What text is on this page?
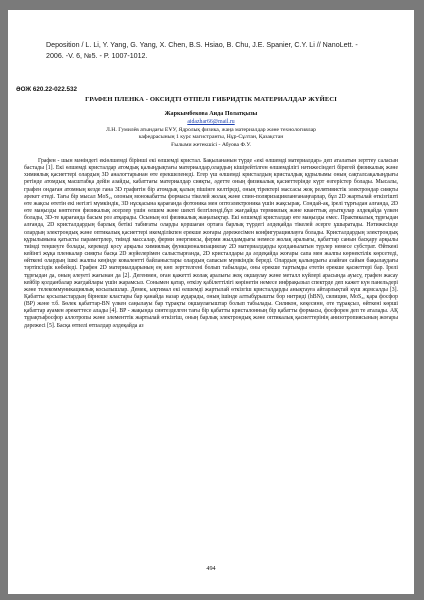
Deposition / L. Li, Y. Yang, G. Yang, X. Chen, B.S. Hsiao, B. Chu, J.E. Spanier, C.Y. Li // NanoLett. - 2006. -V. 6, №5. - P. 1007-1012.
ӘОЖ 620.22-022.532
ГРАФЕН ПЛЕНКА - ОКСИДТІ ӨТПЕЛІ ГИБРИДТІК МАТЕРИАЛДАР ЖҮЙЕСІ
Жаркымбекова Аида Полатқызы
aidazhar66@mail.ru
Л.Н. Гумилёв атындағы ЕҰУ, Ядролық физика, жаңа материалдар және технологиялар
кафедрасының 1 курс магистранты, Нұр-Сұлтан, Қазақстан
Ғылыми жетекшісі - Абуова Ф.У.

Графен - шын мәніндегі екіөлшемді бірінші екі өлшемді кристал. Бақылананын түрде «екі өлшемді материалдар» деп аталатын зерттеу саласын бастады [1]. Екі өлшемді кристалдар атомдық қалыңдықтағы материалдар,олардың кішірейтілген өлшемділігі нәтижесіндегі бірегей физикалық және химиялық қасиеттері олардың 3D аналогтарынан өте ерекшеленеді. Егер үш өлшемді кристалдың кристалдық құрылымы оның сақталсақалыңдығы ретінде атомдық масштабқа дейін азайды, кабаттағы материалдар сияқты, әдетте оның физикалық қасиеттерінде күрт өзгерістер болады. Мысалы, графен ондаған атомның кезде гана 3D графитін бір атомдық қалың пішінге келтіреді, оның тіректері массасы жоқ релятивистік электрондар сияқты әрекет етеді. Тағы бір мысал MoS₂, олоның монокабатты формасы тікелей жолақ және спин-поляризацияланғанаңғарлар, бұл 2D жартылай өткізгішті өте жақсы өтетін екі негізгі мүмкіндік, 3D нұсқасына қарағанда фотоника мен оптоэлектроника үшін жақсырақ. Сондай-ақ, ірелі тұрғыдан алғанда, 2D өте маңызды көптеген физикалық әсерлер үшін өлшем және шекті белгіленді,бұл жағдайда термиялық және кванттық ауытқулар әлдеқайда үлкен болады, 3D-те қарағанда басым роз атқарады. Осының өзі физикалық жаңалықтар. Екі өлшемді кристалдар өте маңызды емес. Практикалық тұрғыдан алғанда, 2D кристалдардың барлық бетікі табиғаты оларды қоршаған ортаға барлық түрдегі әлдеқайда тікелей әсерге ұшыратады. Нәтижесінде олардың электрондық және оптикалық қасиеттері икемділікпен ерекше жоғары дәрежесімен конфигурациялауға болады. Кристалдардың электрондық құрылымына қатысты параметрлер, тиімді массалар, ферми энергиясы, ферми жылдамдығы немесе жолақ аралығы, қабаттар санын басқару арқылы тиімді теңшеуге болады, керекеді қосу арқылы химиялық функционализациялау 2D материалдарды қолданылатын түрлер немесе субстрат. Өйткені кейінгі жұқа пленкалар сияқты басқа 2D жүйелерімен салыстырғанда, 2D кристалдары да әлдеқайда жоғары сапа мен жалпы көрнектілік көрсетеді, өйткені олардың ішкі жалпы кеңінде ковалентті байланыстары олардың сапасын мүмкіндік береді. Олардың қалыңдығы азайған сайын бақылаудағы тәртіпсіздік көбейеді. Графен 2D материалдарының ең көп зерттелгені болып табылады, оны ерекше тартымды ететін ерекше қасиеттері бар. Ірелі тұрғыдан да, оның әлеуеті жағынан да [2]. Дегенмен, оған қажетті жолақ аралығы жоқ оқшаулау және металл күйлері арасында ауысу, графен жасау кейбір қолданбалар жағдайлары үшін жарамсыз. Сонымен қатар, өткізу қабілеттілігі көрінетін немесе инфрақызыл спектрде деп кажет күн панельдері және телекоммуникациялық косылышлар. Демек, ықтимал екі өлшемді жартылай өткізгіш кристалдарды анықтауға айтарлықтай күш жұмсалды [3]. Қабатты қосылыстардың бірнеше кластары бар қанайда назар аударады, оның ішінде алтыбұрышты бор нитриді (hBN), силицин, MoS₂, қара фосфор (BP) және т.б. Бөлек қабаттар-BN үлкен саңылауы бар тұрақты оқшаулағыштар болып табылады. Силикон, кеқесинн, оте тұрақсыз, өйткені көрші қабаттар ауамен әрекеттесе алады [4]. BP - жақында синтезделген тағы бір қабатты кристалонның бір қабатты формасы, фосфорен деп те аталады. АҚ тұрақтыфосфор аллотропы және элементтік жартылай өткізгіш, оның барлық электрондық және оптикалық қасиеттерінің анизотропиясының жоғары дәрежесі [5]. Басқа өтпелі өтпалдар әлдеқайда аз

494
